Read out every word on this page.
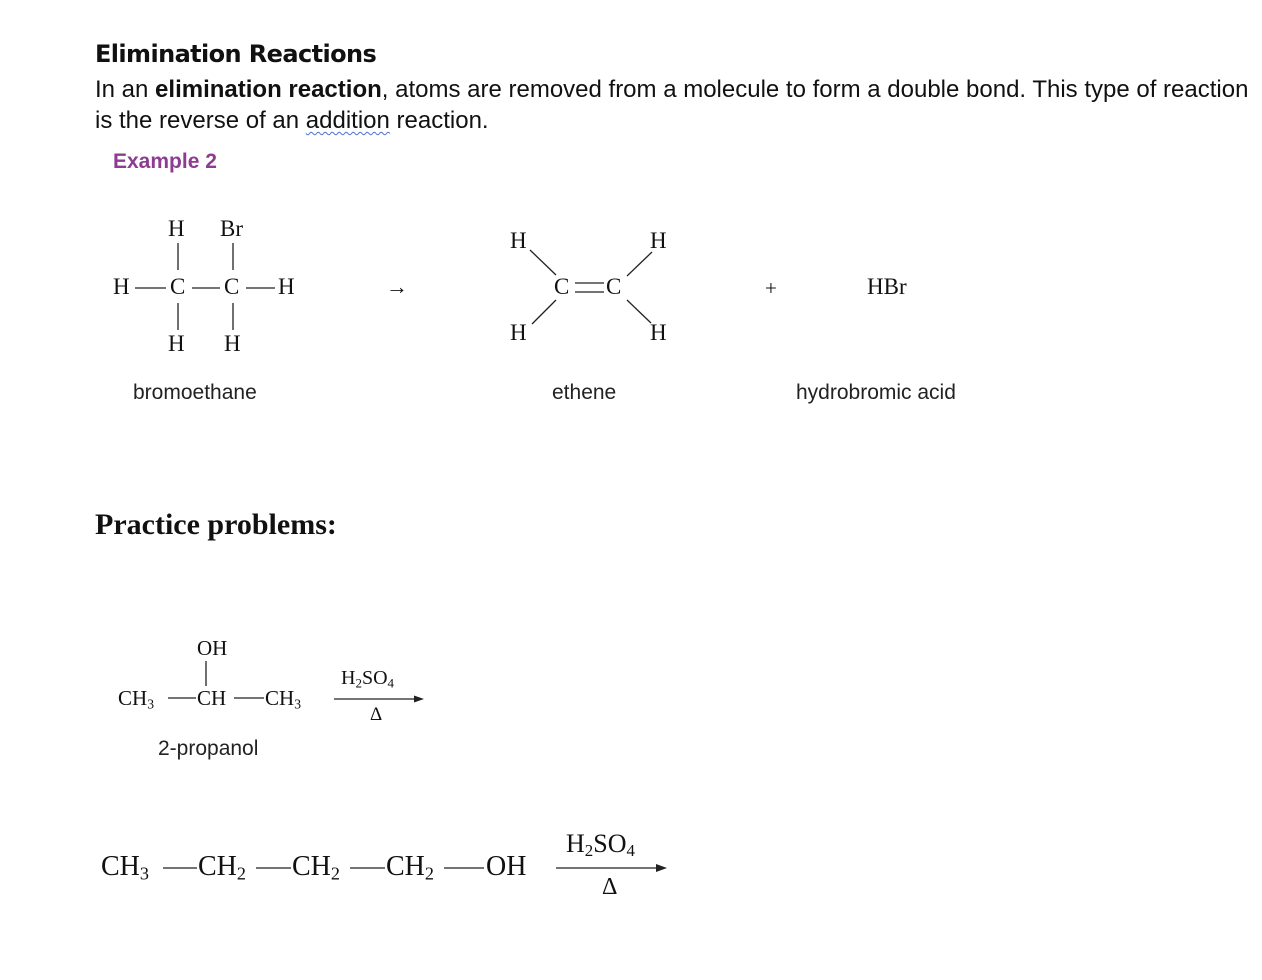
Elimination Reactions
In an elimination reaction, atoms are removed from a molecule to form a double bond. This type of reaction is the reverse of an addition reaction.
Example 2
H Br
H C C H
H H
bromoethane
→
H	H
C C
H	H
ethene
+	HBr
hydrobromic acid
Practice problems:
OH
$CH_3$ CH $CH_3$
$H_2SO_4$
Δ
2-propanol
$CH_3$ $CH_2$ $CH_2$ $CH_2$ OH
$H_2SO_4$
Δ
